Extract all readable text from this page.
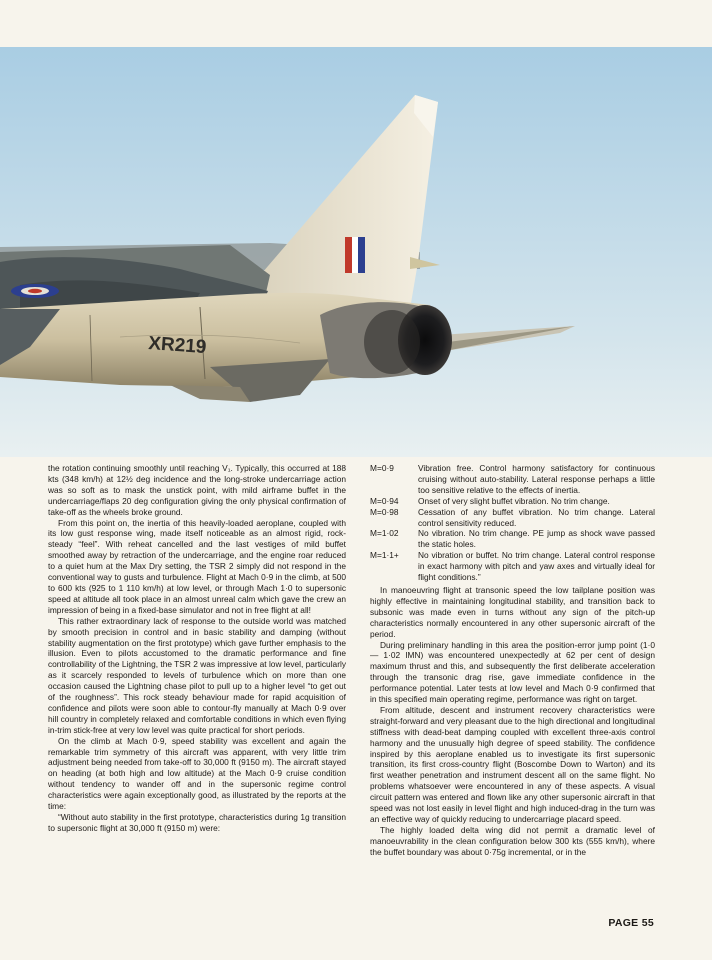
XR219

the rotation continuing smoothly until reaching V₁. Typically, this occurred at 188 kts (348 km/h) at 12½ deg incidence and the long-stroke undercarriage action was so soft as to mask the unstick point, with mild airframe buffet in the undercarriage/flaps 20 deg configuration giving the only physical confirmation of take-off as the wheels broke ground.

From this point on, the inertia of this heavily-loaded aeroplane, coupled with its low gust response wing, made itself noticeable as an almost rigid, rock-steady “feel”. With reheat cancelled and the last vestiges of mild buffet smoothed away by retraction of the undercarriage, and the engine roar reduced to a quiet hum at the Max Dry setting, the TSR 2 simply did not respond in the conventional way to gusts and turbulence. Flight at Mach 0·9 in the climb, at 500 to 600 kts (925 to 1 110 km/h) at low level, or through Mach 1·0 to supersonic speed at altitude all took place in an almost unreal calm which gave the crew an impression of being in a fixed-base simulator and not in free flight at all!

This rather extraordinary lack of response to the outside world was matched by smooth precision in control and in basic stability and damping (without stability augmentation on the first prototype) which gave further emphasis to the illusion. Even to pilots accustomed to the dramatic performance and fine controllability of the Lightning, the TSR 2 was impressive at low level, particularly as it scarcely responded to levels of turbulence which on more than one occasion caused the Lightning chase pilot to pull up to a higher level “to get out of the roughness”. This rock steady behaviour made for rapid acquisition of confidence and pilots were soon able to contour-fly manually at Mach 0·9 over hill country in completely relaxed and comfortable conditions in which even flying in-trim stick-free at very low level was quite practical for short periods.

On the climb at Mach 0·9, speed stability was excellent and again the remarkable trim symmetry of this aircraft was apparent, with very little trim adjustment being needed from take-off to 30,000 ft (9150 m). The aircraft stayed on heading (at both high and low altitude) at the Mach 0·9 cruise condition without tendency to wander off and in the supersonic regime control characteristics were again exceptionally good, as illustrated by the reports at the time:

“Without auto stability in the first prototype, characteristics during 1g transition to supersonic flight at 30,000 ft (9150 m) were:

M=0·9	Vibration free. Control harmony satisfactory for continuous cruising without auto-stability. Lateral response perhaps a little too sensitive relative to the effects of inertia.
M=0·94	Onset of very slight buffet vibration. No trim change.
M=0·98	Cessation of any buffet vibration. No trim change. Lateral control sensitivity reduced.
M=1·02	No vibration. No trim change. PE jump as shock wave passed the static holes.
M=1·1+	No vibration or buffet. No trim change. Lateral control response in exact harmony with pitch and yaw axes and virtually ideal for flight conditions.”

In manoeuvring flight at transonic speed the low tailplane position was highly effective in maintaining longitudinal stability, and transition back to subsonic was made even in turns without any sign of the pitch-up characteristics normally encountered in any other supersonic aircraft of the period.

During preliminary handling in this area the position-error jump point (1·0 — 1·02 IMN) was encountered unexpectedly at 62 per cent of design maximum thrust and this, and subsequently the first deliberate acceleration through the transonic drag rise, gave immediate confidence in the performance potential. Later tests at low level and Mach 0·9 confirmed that in this specified main operating regime, performance was right on target.

From altitude, descent and instrument recovery characteristics were straight-forward and very pleasant due to the high directional and longitudinal stiffness with dead-beat damping coupled with excellent three-axis control harmony and the unusually high degree of speed stability. The confidence inspired by this aeroplane enabled us to investigate its first supersonic transition, its first cross-country flight (Boscombe Down to Warton) and its first weather penetration and instrument descent all on the same flight. No problems whatsoever were encountered in any of these aspects. A visual circuit pattern was entered and flown like any other supersonic aircraft in that speed was not lost easily in level flight and high induced-drag in the turn was an effective way of quickly reducing to undercarriage placard speed.

The highly loaded delta wing did not permit a dramatic level of manoeuvrability in the clean configuration below 300 kts (555 km/h), where the buffet boundary was about 0·75g incremental, or in the

PAGE 55
